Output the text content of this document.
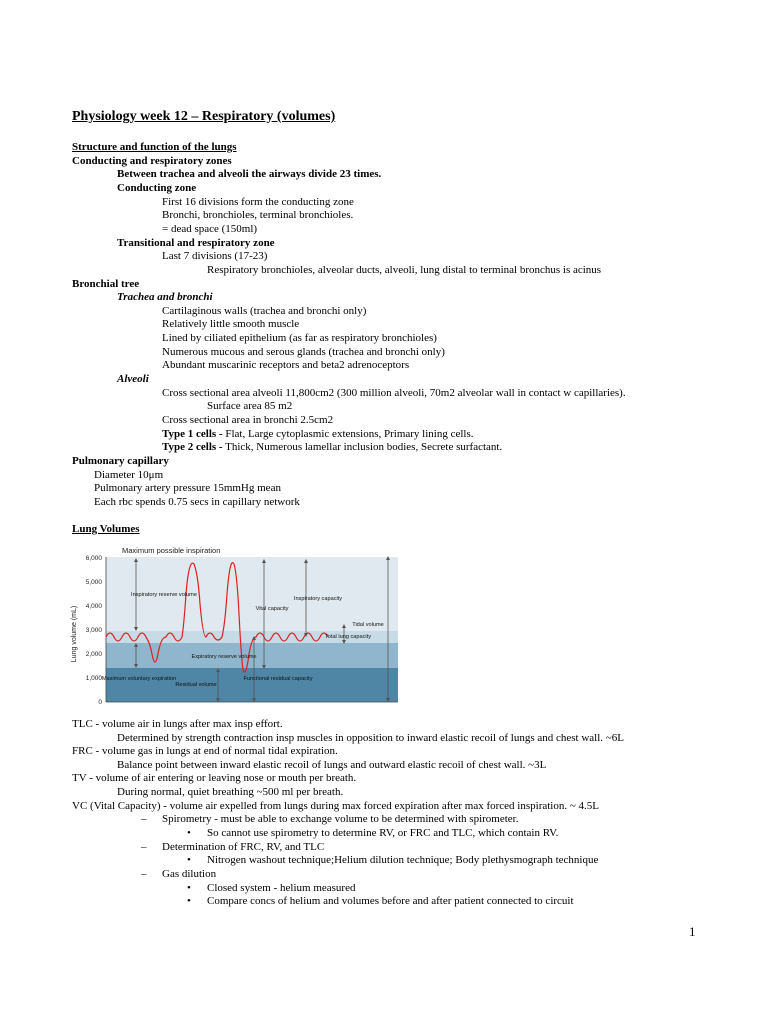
Physiology week 12 – Respiratory (volumes)
Structure and function of the lungs
Conducting and respiratory zones
Between trachea and alveoli the airways divide 23 times.
Conducting zone
First 16 divisions form the conducting zone
Bronchi, bronchioles, terminal bronchioles.
= dead space (150ml)
Transitional and respiratory zone
Last 7 divisions (17-23)
Respiratory bronchioles, alveolar ducts, alveoli, lung distal to terminal bronchus is acinus
Bronchial tree
Trachea and bronchi
Cartilaginous walls (trachea and bronchi only)
Relatively little smooth muscle
Lined by ciliated epithelium (as far as respiratory bronchioles)
Numerous mucous and serous glands (trachea and bronchi only)
Abundant muscarinic receptors and beta2 adrenoceptors
Alveoli
Cross sectional area alveoli 11,800cm2 (300 million alveoli, 70m2 alveolar wall in contact w capillaries).
Surface area 85 m2
Cross sectional area in bronchi 2.5cm2
Type 1 cells - Flat, Large cytoplasmic extensions, Primary lining cells.
Type 2 cells - Thick, Numerous lamellar inclusion bodies, Secrete surfactant.
Pulmonary capillary
Diameter 10μm
Pulmonary artery pressure 15mmHg mean
Each rbc spends 0.75 secs in capillary network
Lung Volumes
6,000
5,000
4,000
3,000
2,000
1,000
0
Lung volume (mL)
Maximum possible inspiration
Inspiratory reserve volume
Vital capacity
Inspiratory capacity
Tidal volume
Total lung capacity
Expiratory reserve volume
Maximum voluntary expiration
Residual volume
Functional residual capacity
TLC - volume air in lungs after max insp effort.
Determined by strength contraction insp muscles in opposition to inward elastic recoil of lungs and chest wall. ~6L
FRC - volume gas in lungs at end of normal tidal expiration.
Balance point between inward elastic recoil of lungs and outward elastic recoil of chest wall. ~3L
TV - volume of air entering or leaving nose or mouth per breath.
During normal, quiet breathing ~500 ml per breath.
VC (Vital Capacity) - volume air expelled from lungs during max forced expiration after max forced inspiration. ~ 4.5L
– Spirometry - must be able to exchange volume to be determined with spirometer.
• So cannot use spirometry to determine RV, or FRC and TLC, which contain RV.
– Determination of FRC, RV, and TLC
• Nitrogen washout technique;Helium dilution technique; Body plethysmograph technique
– Gas dilution
• Closed system - helium measured
• Compare concs of helium and volumes before and after patient connected to circuit
1
